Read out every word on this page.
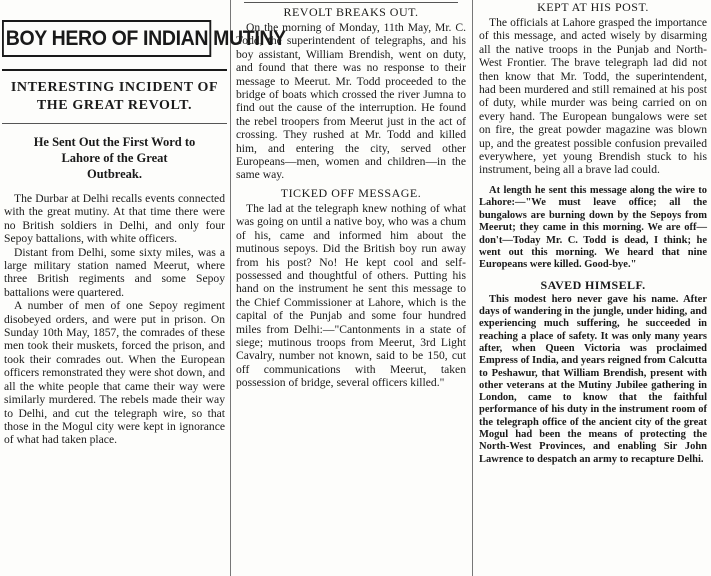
BOY HERO OF INDIAN MUTINY
INTERESTING INCIDENT OF THE GREAT REVOLT.
He Sent Out the First Word to
Lahore of the Great
Outbreak.

The Durbar at Delhi recalls events connected with the great mutiny. At that time there were no British soldiers in Delhi, and only four Sepoy battalions, with white officers.

Distant from Delhi, some sixty miles, was a large military station named Meerut, where three British regiments and some Sepoy battalions were quartered.

A number of men of one Sepoy regiment disobeyed orders, and were put in prison. On Sunday 10th May, 1857, the comrades of these men took their muskets, forced the prison, and took their comrades out. When the European officers remonstrated they were shot down, and all the white people that came their way were similarly murdered. The rebels made their way to Delhi, and cut the telegraph wire, so that those in the Mogul city were kept in ignorance of what had taken place.

REVOLT BREAKS OUT.

On the morning of Monday, 11th May, Mr. C. Todd, the superintendent of telegraphs, and his boy assistant, William Brendish, went on duty, and found that there was no response to their message to Meerut. Mr. Todd proceeded to the bridge of boats which crossed the river Jumna to find out the cause of the interruption. He found the rebel troopers from Meerut just in the act of crossing. They rushed at Mr. Todd and killed him, and entering the city, served other Europeans—men, women and children—in the same way.

TICKED OFF MESSAGE.

The lad at the telegraph knew nothing of what was going on until a native boy, who was a chum of his, came and informed him about the mutinous sepoys. Did the British boy run away from his post? No! He kept cool and self-possessed and thoughtful of others. Putting his hand on the instrument he sent this message to the Chief Commissioner at Lahore, which is the capital of the Punjab and some four hundred miles from Delhi:—"Cantonments in a state of siege; mutinous troops from Meerut, 3rd Light Cavalry, number not known, said to be 150, cut off communications with Meerut, taken possession of bridge, several officers killed."

KEPT AT HIS POST.

The officials at Lahore grasped the importance of this message, and acted wisely by disarming all the native troops in the Punjab and North-West Frontier. The brave telegraph lad did not then know that Mr. Todd, the superintendent, had been murdered and still remained at his post of duty, while murder was being carried on on every hand. The European bungalows were set on fire, the great powder magazine was blown up, and the greatest possible confusion prevailed everywhere, yet young Brendish stuck to his instrument, being all a brave lad could.

At length he sent this message along the wire to Lahore:—"We must leave office; all the bungalows are burning down by the Sepoys from Meerut; they came in this morning. We are off—don't—Today Mr. C. Todd is dead, I think; he went out this morning. We heard that nine Europeans were killed. Good-bye."
SAVED HIMSELF.

This modest hero never gave his name. After days of wandering in the jungle, under hiding, and experiencing much suffering, he succeeded in reaching a place of safety. It was only many years after, when Queen Victoria was proclaimed Empress of India, and years reigned from Calcutta to Peshawur, that William Brendish, present with other veterans at the Mutiny Jubilee gathering in London, came to know that the faithful performance of his duty in the instrument room of the telegraph office of the ancient city of the great Mogul had been the means of protecting the North-West Provinces, and enabling Sir John Lawrence to despatch an army to recapture Delhi.
